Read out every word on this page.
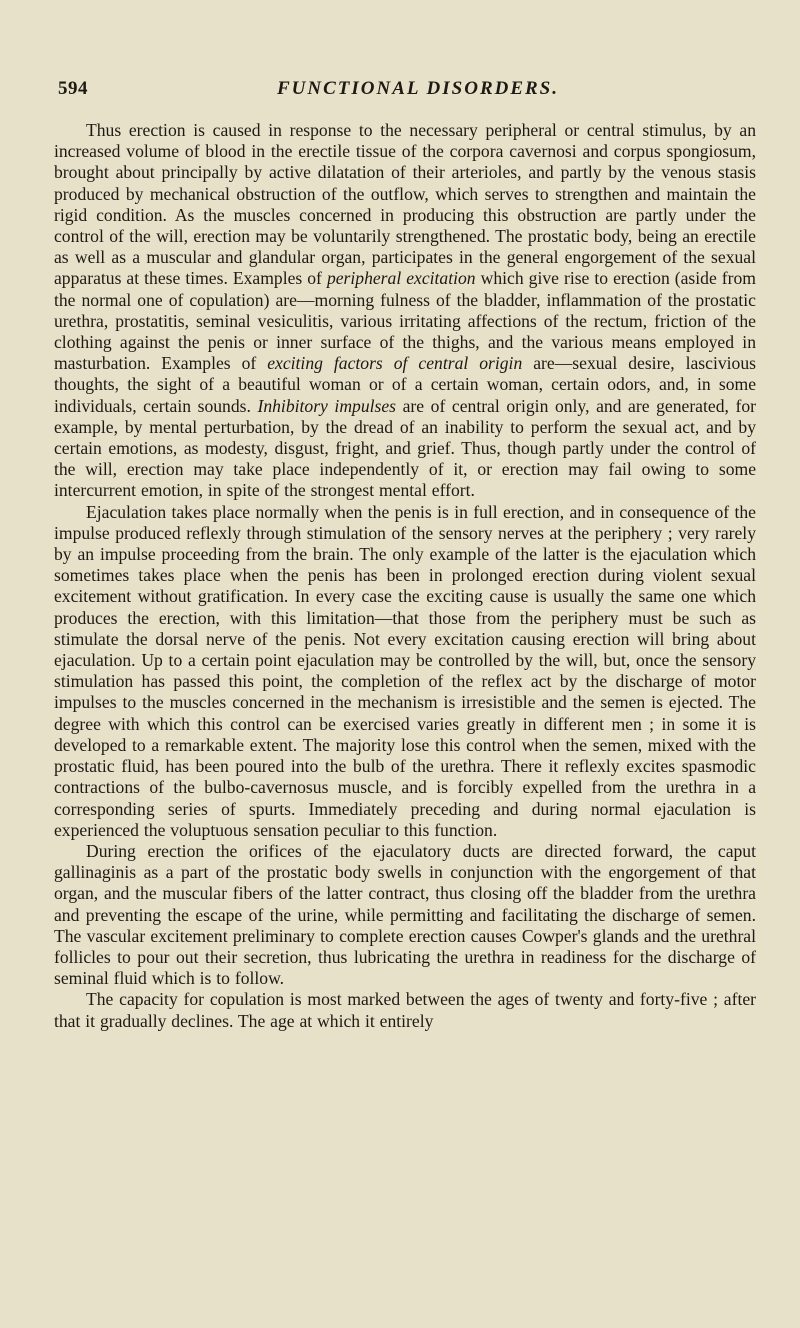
594	FUNCTIONAL DISORDERS.

Thus erection is caused in response to the necessary peripheral or central stimulus, by an increased volume of blood in the erectile tissue of the corpora cavernosi and corpus spongiosum, brought about principally by active dilatation of their arterioles, and partly by the venous stasis produced by mechanical obstruction of the outflow, which serves to strengthen and maintain the rigid condition. As the muscles concerned in producing this obstruction are partly under the control of the will, erection may be voluntarily strengthened. The prostatic body, being an erectile as well as a muscular and glandular organ, participates in the general engorgement of the sexual apparatus at these times. Examples of peripheral excitation which give rise to erection (aside from the normal one of copulation) are—morning fulness of the bladder, inflammation of the prostatic urethra, prostatitis, seminal vesiculitis, various irritating affections of the rectum, friction of the clothing against the penis or inner surface of the thighs, and the various means employed in masturbation. Examples of exciting factors of central origin are—sexual desire, lascivious thoughts, the sight of a beautiful woman or of a certain woman, certain odors, and, in some individuals, certain sounds. Inhibitory impulses are of central origin only, and are generated, for example, by mental perturbation, by the dread of an inability to perform the sexual act, and by certain emotions, as modesty, disgust, fright, and grief. Thus, though partly under the control of the will, erection may take place independently of it, or erection may fail owing to some intercurrent emotion, in spite of the strongest mental effort.

Ejaculation takes place normally when the penis is in full erection, and in consequence of the impulse produced reflexly through stimulation of the sensory nerves at the periphery ; very rarely by an impulse proceeding from the brain. The only example of the latter is the ejaculation which sometimes takes place when the penis has been in prolonged erection during violent sexual excitement without gratification. In every case the exciting cause is usually the same one which produces the erection, with this limitation—that those from the periphery must be such as stimulate the dorsal nerve of the penis. Not every excitation causing erection will bring about ejaculation. Up to a certain point ejaculation may be controlled by the will, but, once the sensory stimulation has passed this point, the completion of the reflex act by the discharge of motor impulses to the muscles concerned in the mechanism is irresistible and the semen is ejected. The degree with which this control can be exercised varies greatly in different men ; in some it is developed to a remarkable extent. The majority lose this control when the semen, mixed with the prostatic fluid, has been poured into the bulb of the urethra. There it reflexly excites spasmodic contractions of the bulbo-cavernosus muscle, and is forcibly expelled from the urethra in a corresponding series of spurts. Immediately preceding and during normal ejaculation is experienced the voluptuous sensation peculiar to this function.

During erection the orifices of the ejaculatory ducts are directed forward, the caput gallinaginis as a part of the prostatic body swells in conjunction with the engorgement of that organ, and the muscular fibers of the latter contract, thus closing off the bladder from the urethra and preventing the escape of the urine, while permitting and facilitating the discharge of semen. The vascular excitement preliminary to complete erection causes Cowper's glands and the urethral follicles to pour out their secretion, thus lubricating the urethra in readiness for the discharge of seminal fluid which is to follow.

The capacity for copulation is most marked between the ages of twenty and forty-five ; after that it gradually declines. The age at which it entirely
